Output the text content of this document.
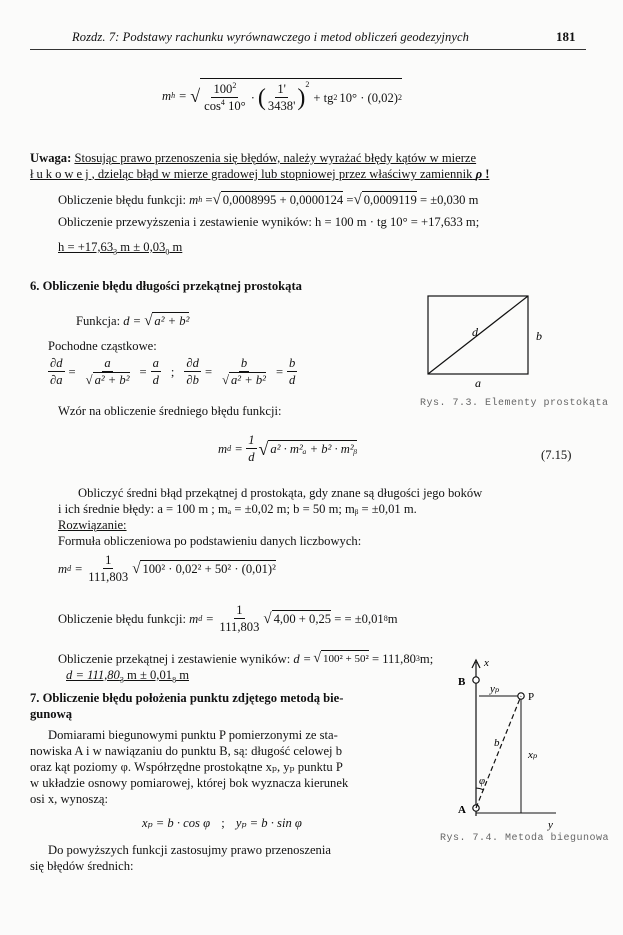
Rozdz. 7: Podstawy rachunku wyrównawczego i metod obliczeń geodezyjnych	181
m h = √ $\frac{100^2}{\cos^4 10^\circ}$ · ( $\frac{1'}{3438'}$ ) 2
+ tg 2 10° · (0,02) 2
Uwaga: Stosując prawo przenoszenia się błędów, należy wyrażać błędy kątów w mierze
łukowej, dzieląc błąd w mierze gradowej lub stopniowej przez właściwy zamiennik ρ !
Obliczenie błędu funkcji:
m h
= √ 0,0008995 + 0,0000124
= √ 0,0009119
= ±0,030 m
Obliczenie przewyższenia i zestawienie wyników: h = 100 m · tg 10° = +17,633 m;
$h = +17,63_3$ $m \pm 0,03_0$ m
6. Obliczenie błędu długości przekątnej prostokąta
Funkcja:
d = √ a² + b²
Pochodne cząstkowe:
$\frac{\partial d}{\partial a} = \frac{a}{\text{√ a² + b²}} = \frac{a}{d}$ ; $\frac{\partial d}{\partial b} = \frac{b}{\text{√ a² + b²}} = \frac{b}{d}$
Wzór na obliczenie średniego błędu funkcji:
m $d = \frac{1}{d}$ √ a² · m²ₐ + b² · m²ᵦ	(7.15)
d	b
a
Rys. 7.3. Elementy prostokąta
Obliczyć średni błąd przekątnej d prostokąta, gdy znane są długości jego boków
i ich średnie błędy: a = 100 m ; mₐ = ±0,02 m; b = 50 m; mᵦ = ±0,01 m.
Rozwiązanie:
Formuła obliczeniowa po podstawieniu danych liczbowych:
m $d = \frac{1}{111,803}$ √ 100² · 0,02² + 50² · (0,01)²
Obliczenie błędu funkcji:
m $d = \frac{1}{111,803}$ √ 4,00 + 0,25
= = ±0,01 8 m
Obliczenie przekątnej i zestawienie wyników:
d = √ 100² + 50²
= 111,80 3 m;
$d = 111,80_3$ $m \pm 0,01_8$ m
7. Obliczenie błędu położenia punktu zdjętego metodą bie-
gunową
Domiarami biegunowymi punktu P pomierzonymi ze sta-
nowiska A i w nawiązaniu do punktu B, są: długość celowej b
oraz kąt poziomy φ. Współrzędne prostokątne xₚ, yₚ punktu P
w układzie osnowy pomiarowej, której bok wyznacza kierunek
osi x, wynoszą:
xₚ = b · cos φ ; yₚ = b · sin φ
Do powyższych funkcji zastosujmy prawo przenoszenia
się błędów średnich:
x
B
yₚ
P
b
xₚ
φ
A
y
Rys. 7.4. Metoda biegunowa
